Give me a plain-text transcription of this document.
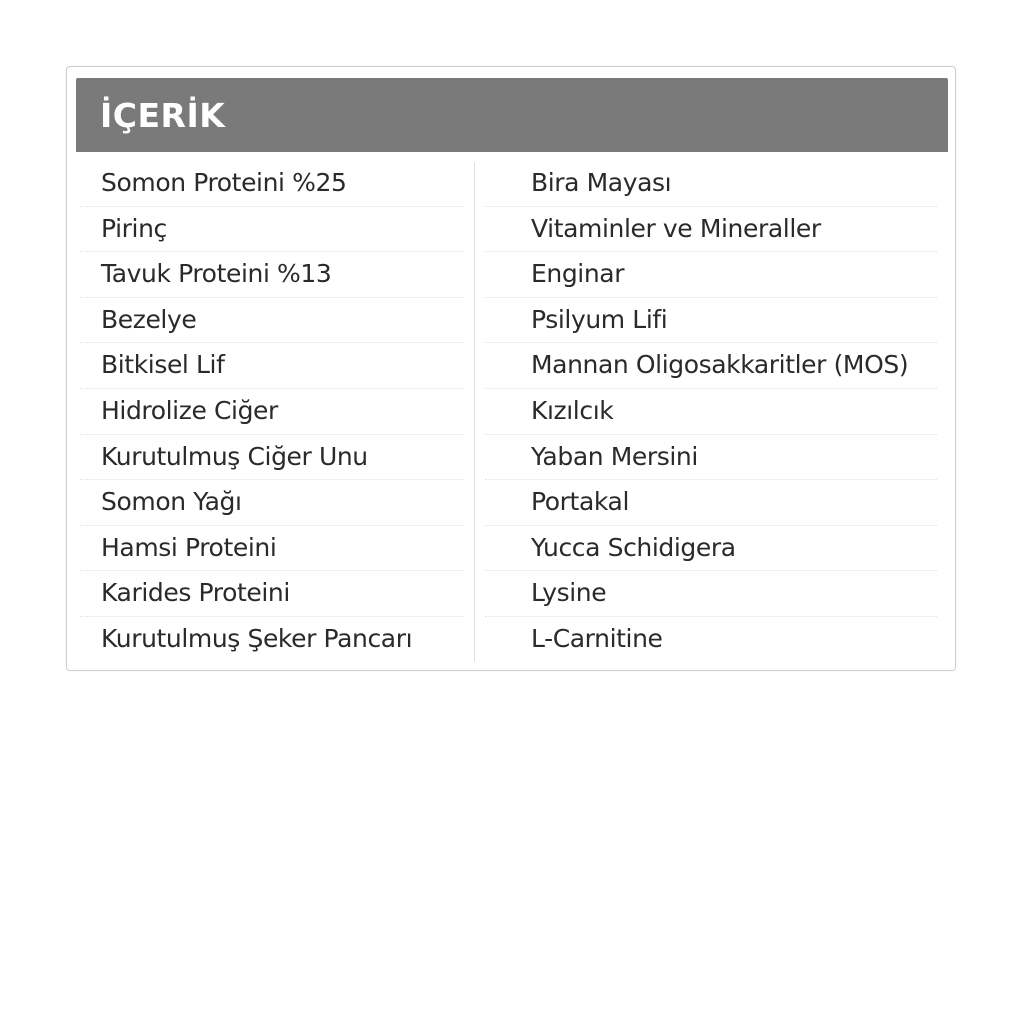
İÇERİK
Somon Proteini %25
Pirinç
Tavuk Proteini %13
Bezelye
Bitkisel Lif
Hidrolize Ciğer
Kurutulmuş Ciğer Unu
Somon Yağı
Hamsi Proteini
Karides Proteini
Kurutulmuş Şeker Pancarı
Bira Mayası
Vitaminler ve Mineraller
Enginar
Psilyum Lifi
Mannan Oligosakkaritler (MOS)
Kızılcık
Yaban Mersini
Portakal
Yucca Schidigera
Lysine
L-Carnitine
